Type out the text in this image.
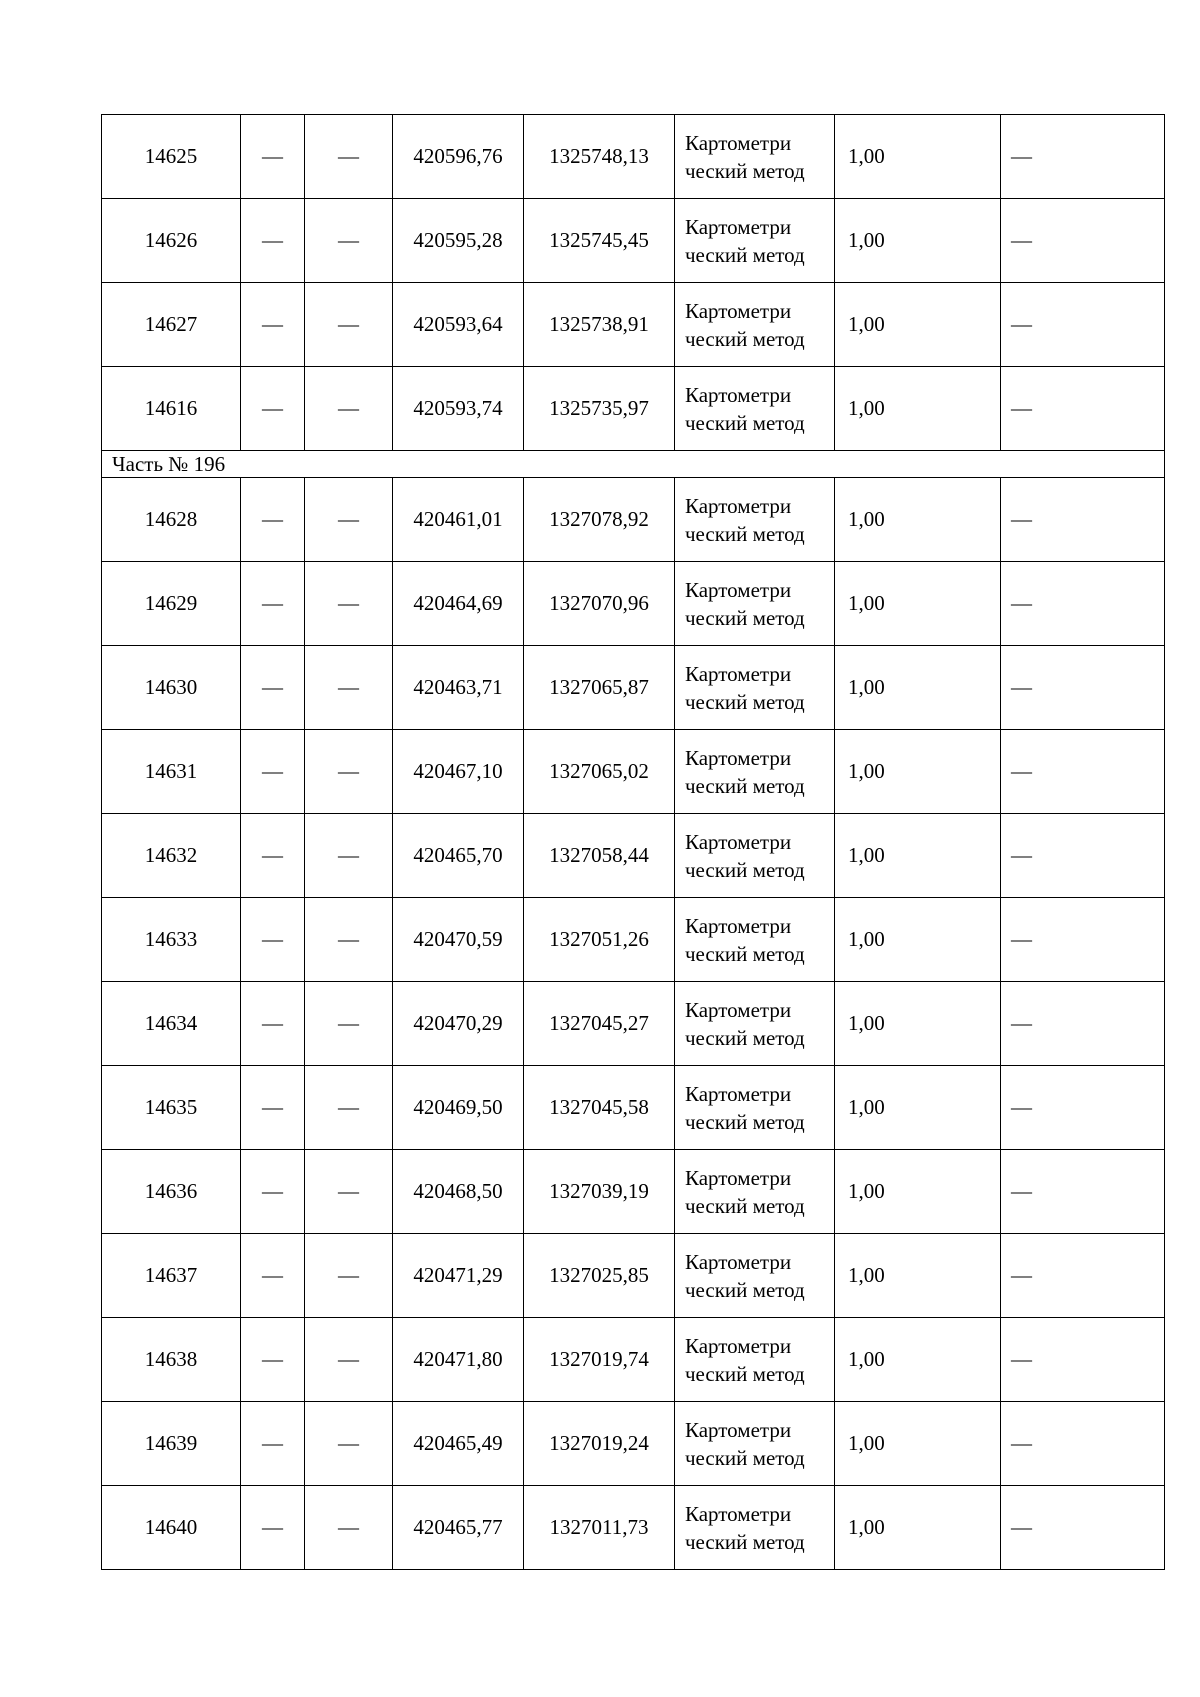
14625	—	—	420596,76	1325748,13	Картометри ческий метод	1,00	—
14626	—	—	420595,28	1325745,45	Картометри ческий метод	1,00	—
14627	—	—	420593,64	1325738,91	Картометри ческий метод	1,00	—
14616	—	—	420593,74	1325735,97	Картометри ческий метод	1,00	—
Часть № 196							
14628	—	—	420461,01	1327078,92	Картометри ческий метод	1,00	—
14629	—	—	420464,69	1327070,96	Картометри ческий метод	1,00	—
14630	—	—	420463,71	1327065,87	Картометри ческий метод	1,00	—
14631	—	—	420467,10	1327065,02	Картометри ческий метод	1,00	—
14632	—	—	420465,70	1327058,44	Картометри ческий метод	1,00	—
14633	—	—	420470,59	1327051,26	Картометри ческий метод	1,00	—
14634	—	—	420470,29	1327045,27	Картометри ческий метод	1,00	—
14635	—	—	420469,50	1327045,58	Картометри ческий метод	1,00	—
14636	—	—	420468,50	1327039,19	Картометри ческий метод	1,00	—
14637	—	—	420471,29	1327025,85	Картометри ческий метод	1,00	—
14638	—	—	420471,80	1327019,74	Картометри ческий метод	1,00	—
14639	—	—	420465,49	1327019,24	Картометри ческий метод	1,00	—
14640	—	—	420465,77	1327011,73	Картометри ческий метод	1,00	—
